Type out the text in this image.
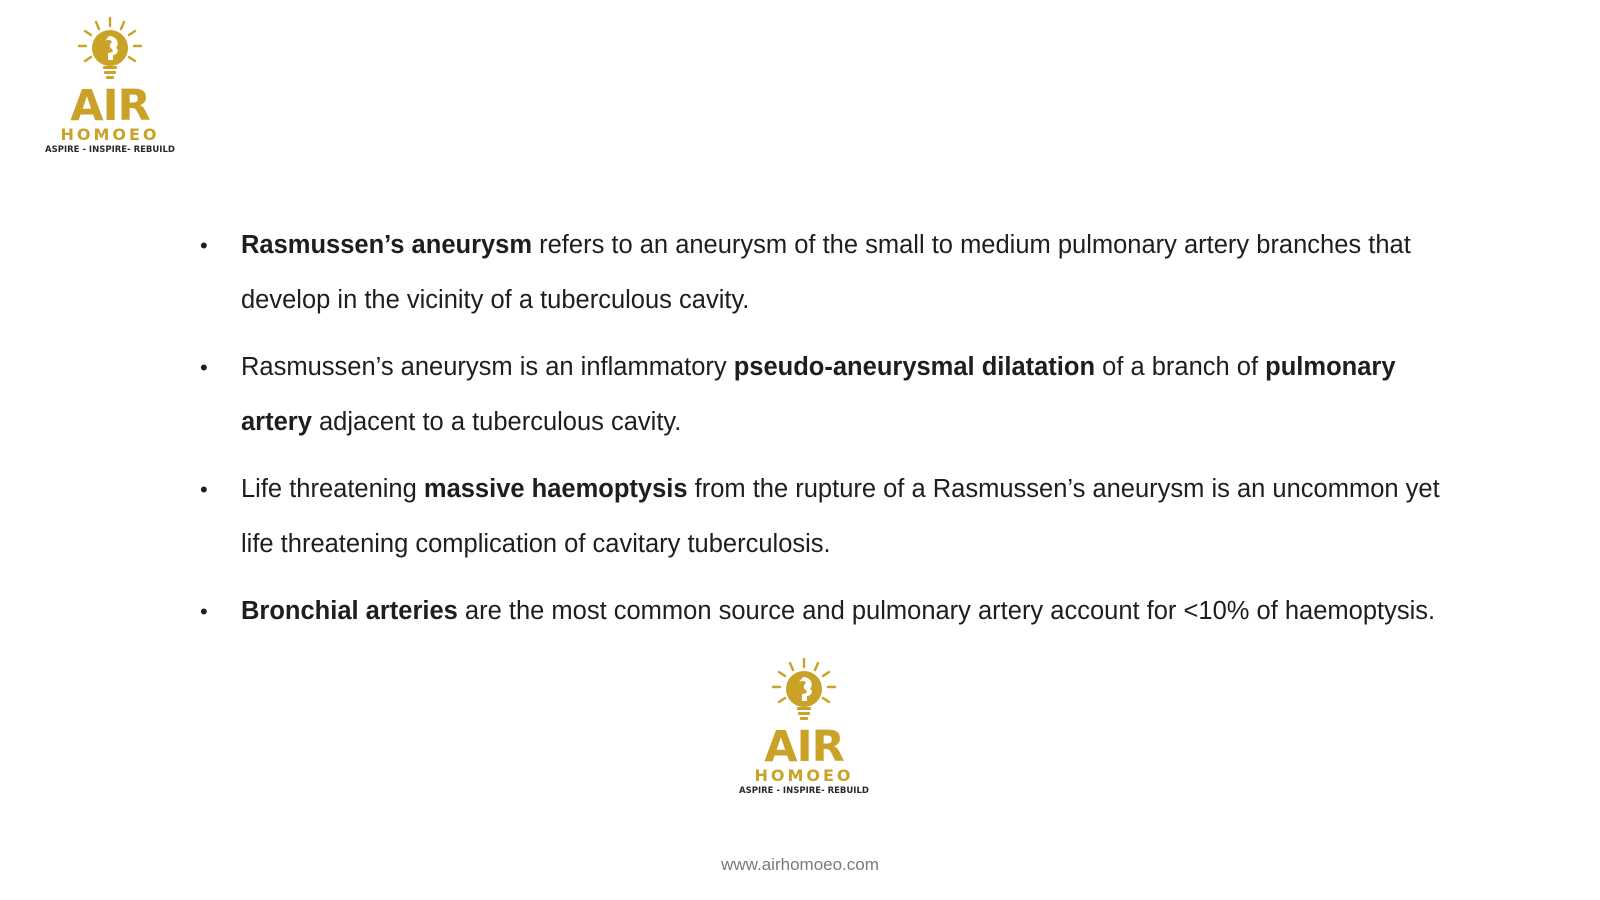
AIR
HOMOEO
ASPIRE - INSPIRE- REBUILD
• Rasmussen’s aneurysm refers to an aneurysm of the small to medium pulmonary artery branches that develop in the vicinity of a tuberculous cavity.
• Rasmussen’s aneurysm is an inflammatory pseudo-aneurysmal dilatation of a branch of pulmonary artery adjacent to a tuberculous cavity.
• Life threatening massive haemoptysis from the rupture of a Rasmussen’s aneurysm is an uncommon yet life threatening complication of cavitary tuberculosis.
• Bronchial arteries are the most common source and pulmonary artery account for <10% of haemoptysis.
AIR
HOMOEO
ASPIRE - INSPIRE- REBUILD
www.airhomoeo.com
